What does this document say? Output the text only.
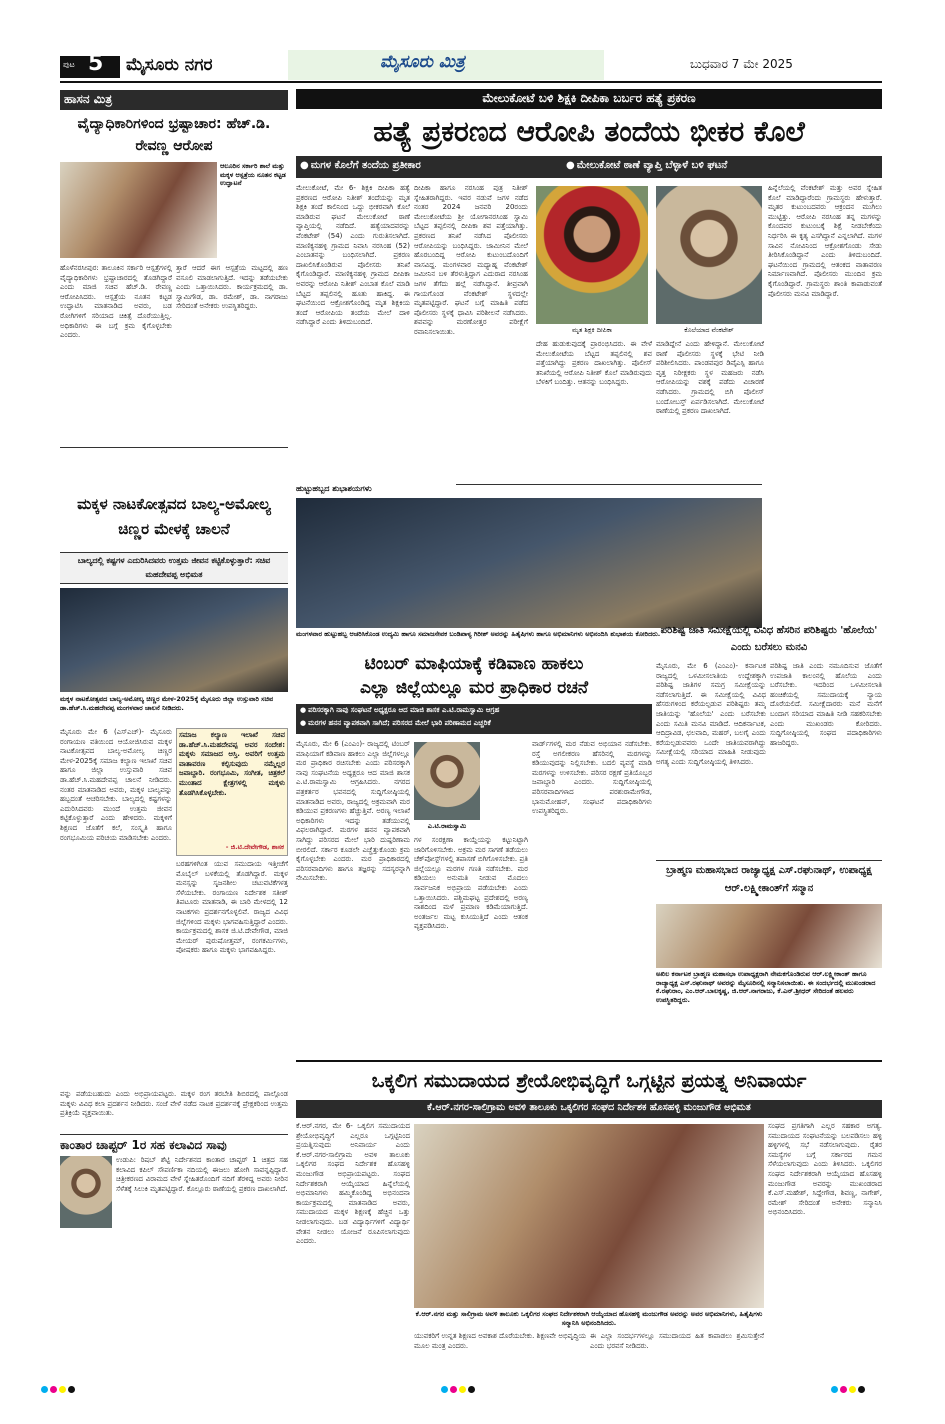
ಪುಟ 5 ಮೈಸೂರು ನಗರ	ಮೈಸೂರು ಮಿತ್ರ	ಬುಧವಾರ 7 ಮೇ 2025
ಹಾಸನ ಮಿತ್ರ
ವೈದ್ಯಾಧಿಕಾರಿಗಳಿಂದ ಭ್ರಷ್ಟಾಚಾರ: ಹೆಚ್.ಡಿ. ರೇವಣ್ಣ ಆರೋಪ
ಆಲೂರಿನ ಸರ್ಕಾರಿ ಶಾಲೆ ಮತ್ತು ಮಕ್ಕಳ ಆಸ್ಪತ್ರೆಯ ನೂತನ ಕಟ್ಟಡ ಉದ್ಘಾಟನೆ
ಹೊಳೆನರಸೀಪುರ: ತಾಲೂಕಿನ ಸರ್ಕಾರಿ ಆಸ್ಪತ್ರೆಗಳಲ್ಲಿ ವೈದ್ಯಾಧಿಕಾರಿಗಳು ಭ್ರಷ್ಟಾಚಾರದಲ್ಲಿ ತೊಡಗಿದ್ದಾರೆ ಎಂದು ಮಾಜಿ ಸಚಿವ ಹೆಚ್.ಡಿ. ರೇವಣ್ಣ ಆರೋಪಿಸಿದರು. ಆಸ್ಪತ್ರೆಯ ನೂತನ ಕಟ್ಟಡ ಉದ್ಘಾಟಿಸಿ ಮಾತನಾಡಿದ ಅವರು, ಬಡ ರೋಗಿಗಳಿಗೆ ಸರಿಯಾದ ಚಿಕಿತ್ಸೆ ದೊರೆಯುತ್ತಿಲ್ಲ. ಅಧಿಕಾರಿಗಳು ಈ ಬಗ್ಗೆ ಕ್ರಮ ಕೈಗೊಳ್ಳಬೇಕು ಎಂದರು.
ತ್ತಾರೆ ಆದರೆ ಈಗ ಆಸ್ಪತ್ರೆಯ ಮಟ್ಟದಲ್ಲಿ ಹಣ ವಸೂಲಿ ಮಾಡಲಾಗುತ್ತಿದೆ. ಇದನ್ನು ತಡೆಯಬೇಕು ಎಂದು ಒತ್ತಾಯಿಸಿದರು. ಕಾರ್ಯಕ್ರಮದಲ್ಲಿ ಡಾ. ಸ್ವಾಮಿಗೌಡ, ಡಾ. ರಮೇಶ್, ಡಾ. ನಾಗರಾಜು ಸೇರಿದಂತೆ ಅನೇಕರು ಉಪಸ್ಥಿತರಿದ್ದರು.
ಮಕ್ಕಳ ನಾಟಕೋತ್ಸವದ ಬಾಲ್ಯ-ಅಮೋಲ್ಯ ಚಿಣ್ಣರ ಮೇಳಕ್ಕೆ ಚಾಲನೆ
ಬಾಲ್ಯದಲ್ಲಿ ಕಷ್ಟಗಳ ಎದುರಿಸಿದವರು ಉತ್ತಮ ಜೀವನ ಕಟ್ಟಿಕೊಳ್ಳುತ್ತಾರೆ: ಸಚಿವ ಮಹದೇವಪ್ಪ ಅಭಿಮತ
ಮಕ್ಕಳ ನಾಟಕೋತ್ಸವದ ಬಾಲ್ಯ-ಅಮೋಲ್ಯ ಚಿಣ್ಣರ ಮೇಳ-2025ಕ್ಕೆ ಮೈಸೂರು ಜಿಲ್ಲಾ ಉಸ್ತುವಾರಿ ಸಚಿವ ಡಾ.ಹೆಚ್.ಸಿ.ಮಹದೇವಪ್ಪ ಮಂಗಳವಾರ ಚಾಲನೆ ನೀಡಿದರು.
ಮೈಸೂರು ಮೇ 6 (ಎಸ್‌ಎಚ್)- ಮೈಸೂರು ರಂಗಾಯಣ ವತಿಯಿಂದ ಆಯೋಜಿಸಿರುವ ಮಕ್ಕಳ ನಾಟಕೋತ್ಸವದ ಬಾಲ್ಯ-ಅಮೋಲ್ಯ ಚಿಣ್ಣರ ಮೇಳ-2025ಕ್ಕೆ ಸಮಾಜ ಕಲ್ಯಾಣ ಇಲಾಖೆ ಸಚಿವ ಹಾಗೂ ಜಿಲ್ಲಾ ಉಸ್ತುವಾರಿ ಸಚಿವ ಡಾ.ಹೆಚ್.ಸಿ.ಮಹದೇವಪ್ಪ ಚಾಲನೆ ನೀಡಿದರು. ನಂತರ ಮಾತನಾಡಿದ ಅವರು, ಮಕ್ಕಳ ಬಾಲ್ಯವನ್ನು ಹಬ್ಬದಂತೆ ಆಚರಿಸಬೇಕು. ಬಾಲ್ಯದಲ್ಲಿ ಕಷ್ಟಗಳನ್ನು ಎದುರಿಸಿದವರು ಮುಂದೆ ಉತ್ತಮ ಜೀವನ ಕಟ್ಟಿಕೊಳ್ಳುತ್ತಾರೆ ಎಂದು ಹೇಳಿದರು. ಮಕ್ಕಳಿಗೆ ಶಿಕ್ಷಣದ ಜೊತೆಗೆ ಕಲೆ, ಸಂಸ್ಕೃತಿ ಹಾಗೂ ರಂಗಭೂಮಿಯ ಪರಿಚಯ ಮಾಡಿಸಬೇಕು ಎಂದರು.
ಸಮಾಜ ಕಲ್ಯಾಣ ಇಲಾಖೆ ಸಚಿವ ಡಾ.ಹೆಚ್.ಸಿ.ಮಹದೇವಪ್ಪ ಅವರ ಸಂದೇಶ: ಮಕ್ಕಳು ಸಮಾಜದ ಆಸ್ತಿ. ಅವರಿಗೆ ಉತ್ತಮ ವಾತಾವರಣ ಕಲ್ಪಿಸುವುದು ನಮ್ಮೆಲ್ಲರ ಜವಾಬ್ದಾರಿ. ರಂಗಭೂಮಿ, ಸಂಗೀತ, ಚಿತ್ರಕಲೆ ಮುಂತಾದ ಕ್ಷೇತ್ರಗಳಲ್ಲಿ ಮಕ್ಕಳು ತೊಡಗಿಸಿಕೊಳ್ಳಬೇಕು.
- ಜಿ.ಟಿ.ದೇವೇಗೌಡ, ಶಾಸಕ
ಬರಹಗಳಿಗಿಂತ ಯುವ ಸಮುದಾಯ ಇತ್ತೀಚೆಗೆ ಮೊಬೈಲ್ ಬಳಕೆಯಲ್ಲಿ ತೊಡಗಿದ್ದಾರೆ. ಮಕ್ಕಳ ಮನಸ್ಸನ್ನು ಸೃಜನಶೀಲ ಚಟುವಟಿಕೆಗಳತ್ತ ಸೆಳೆಯಬೇಕು. ರಂಗಾಯಣ ನಿರ್ದೇಶಕ ಸತೀಶ್ ತಿಪಟೂರು ಮಾತನಾಡಿ, ಈ ಬಾರಿ ಮೇಳದಲ್ಲಿ 12 ನಾಟಕಗಳು ಪ್ರದರ್ಶನಗೊಳ್ಳಲಿವೆ. ರಾಜ್ಯದ ವಿವಿಧ ಜಿಲ್ಲೆಗಳಿಂದ ಮಕ್ಕಳು ಭಾಗವಹಿಸುತ್ತಿದ್ದಾರೆ ಎಂದರು. ಕಾರ್ಯಕ್ರಮದಲ್ಲಿ ಶಾಸಕ ಜಿ.ಟಿ.ದೇವೇಗೌಡ, ಮಾಜಿ ಮೇಯರ್ ಪುರುಷೋತ್ತಮ್, ರಂಗಕರ್ಮಿಗಳು, ಪೋಷಕರು ಹಾಗೂ ಮಕ್ಕಳು ಭಾಗವಹಿಸಿದ್ದರು.
ವನ್ನು ಪಡೆಯಬಹುದು ಎಂದು ಅಭಿಪ್ರಾಯಪಟ್ಟರು. ಮಕ್ಕಳ ರಂಗ ತರಬೇತಿ ಶಿಬಿರದಲ್ಲಿ ಪಾಲ್ಗೊಂಡ ಮಕ್ಕಳು ವಿವಿಧ ಕಲಾ ಪ್ರದರ್ಶನ ನೀಡಿದರು. ಸಂಜೆ ವೇಳೆ ನಡೆದ ನಾಟಕ ಪ್ರದರ್ಶನಕ್ಕೆ ಪ್ರೇಕ್ಷಕರಿಂದ ಉತ್ತಮ ಪ್ರತಿಕ್ರಿಯೆ ವ್ಯಕ್ತವಾಯಿತು.
ಕಾಂತಾರ ಚಾಪ್ಟರ್ 1ರ ಸಹ ಕಲಾವಿದ ಸಾವು
ಉಡುಪಿ: ರಿಷಬ್ ಶೆಟ್ಟಿ ನಿರ್ದೇಶನದ ಕಾಂತಾರ ಚಾಪ್ಟರ್ 1 ಚಿತ್ರದ ಸಹ ಕಲಾವಿದ ಕಪಿಲ್ ಸೌಪರ್ಣಿಕಾ ನದಿಯಲ್ಲಿ ಈಜಲು ಹೋಗಿ ಸಾವನ್ನಪ್ಪಿದ್ದಾರೆ. ಚಿತ್ರೀಕರಣದ ವಿರಾಮದ ವೇಳೆ ಸ್ನೇಹಿತರೊಂದಿಗೆ ನದಿಗೆ ತೆರಳಿದ್ದ ಅವರು ನೀರಿನ ಸೆಳೆತಕ್ಕೆ ಸಿಲುಕಿ ಮೃತಪಟ್ಟಿದ್ದಾರೆ. ಕೊಲ್ಲೂರು ಠಾಣೆಯಲ್ಲಿ ಪ್ರಕರಣ ದಾಖಲಾಗಿದೆ.
ಮೇಲುಕೋಟೆ ಬಳಿ ಶಿಕ್ಷಕಿ ದೀಪಿಕಾ ಬರ್ಬರ ಹತ್ಯೆ ಪ್ರಕರಣ
ಹತ್ಯೆ ಪ್ರಕರಣದ ಆರೋಪಿ ತಂದೆಯ ಭೀಕರ ಕೊಲೆ
● ಮಗಳ ಕೊಲೆಗೆ ತಂದೆಯ ಪ್ರತೀಕಾರ
●	ಮೇಲುಕೋಟೆ ಠಾಣೆ ವ್ಯಾಪ್ತಿ ಬೆಳ್ಳಾಳೆ ಬಳಿ ಘಟನೆ
ಮೇಲುಕೋಟೆ, ಮೇ 6- ಶಿಕ್ಷಕಿ ದೀಪಿಕಾ ಹತ್ಯೆ ಪ್ರಕರಣದ ಆರೋಪಿ ನಿತೀಶ್ ತಂದೆಯನ್ನು ಮೃತ ಶಿಕ್ಷಕಿ ತಂದೆ ಕಾಲಿನಿಂದ ಒದ್ದು ಭೀಕರವಾಗಿ ಕೊಲೆ ಮಾಡಿರುವ ಘಟನೆ ಮೇಲುಕೋಟೆ ಠಾಣೆ ವ್ಯಾಪ್ತಿಯಲ್ಲಿ ನಡೆದಿದೆ. ಹತ್ಯೆಯಾದವರನ್ನು ವೆಂಕಟೇಶ್ (54) ಎಂದು ಗುರುತಿಸಲಾಗಿದೆ. ಮಾಣಿಕ್ಯನಹಳ್ಳಿ ಗ್ರಾಮದ ನಿವಾಸಿ ನರಸಿಂಹ (52) ಎಂಬಾತನನ್ನು ಬಂಧಿಸಲಾಗಿದೆ. ಪ್ರಕರಣ ದಾಖಲಿಸಿಕೊಂಡಿರುವ ಪೊಲೀಸರು ತನಿಖೆ ಕೈಗೊಂಡಿದ್ದಾರೆ. ಮಾಣಿಕ್ಯನಹಳ್ಳಿ ಗ್ರಾಮದ ದೀಪಿಕಾ ಅವರನ್ನು ಆರೋಪಿ ನಿತೀಶ್ ಎಂಬಾತ ಕೊಲೆ ಮಾಡಿ ಬೆಟ್ಟದ ತಪ್ಪಲಿನಲ್ಲಿ ಹೂತು ಹಾಕಿದ್ದ. ಈ ಘಟನೆಯಿಂದ ಆಕ್ರೋಶಗೊಂಡಿದ್ದ ಮೃತ ಶಿಕ್ಷಕಿಯ ತಂದೆ ಆರೋಪಿಯ ತಂದೆಯ ಮೇಲೆ ದಾಳಿ ನಡೆಸಿದ್ದಾರೆ ಎಂದು ತಿಳಿದುಬಂದಿದೆ.
ದೀಪಿಕಾ ಹಾಗೂ ನರಸಿಂಹ ಪುತ್ರ ನಿತೀಶ್ ಸ್ನೇಹಿತರಾಗಿದ್ದರು. ಇವರ ನಡುವೆ ಜಗಳ ನಡೆದ ನಂತರ 2024 ಜನವರಿ 20ರಂದು ಮೇಲುಕೋಟೆಯ ಶ್ರೀ ಯೋಗಾನರಸಿಂಹ ಸ್ವಾಮಿ ಬೆಟ್ಟದ ತಪ್ಪಲಿನಲ್ಲಿ ದೀಪಿಕಾ ಶವ ಪತ್ತೆಯಾಗಿತ್ತು. ಪ್ರಕರಣದ ತನಿಖೆ ನಡೆಸಿದ ಪೊಲೀಸರು ಆರೋಪಿಯನ್ನು ಬಂಧಿಸಿದ್ದರು. ಜಾಮೀನಿನ ಮೇಲೆ ಹೊರಬಂದಿದ್ದ ಆರೋಪಿ ಕುಟುಂಬದೊಂದಿಗೆ ವಾಸವಿದ್ದ. ಮಂಗಳವಾರ ಮಧ್ಯಾಹ್ನ ವೆಂಕಟೇಶ್ ಜಮೀನಿನ ಬಳಿ ತೆರಳುತ್ತಿದ್ದಾಗ ಎದುರಾದ ನರಸಿಂಹ ಜಗಳ ತೆಗೆದು ಹಲ್ಲೆ ನಡೆಸಿದ್ದಾನೆ. ತೀವ್ರವಾಗಿ ಗಾಯಗೊಂಡ ವೆಂಕಟೇಶ್ ಸ್ಥಳದಲ್ಲೇ ಮೃತಪಟ್ಟಿದ್ದಾರೆ. ಘಟನೆ ಬಗ್ಗೆ ಮಾಹಿತಿ ಪಡೆದ ಪೊಲೀಸರು ಸ್ಥಳಕ್ಕೆ ಧಾವಿಸಿ ಪರಿಶೀಲನೆ ನಡೆಸಿದರು. ಶವವನ್ನು ಮರಣೋತ್ತರ ಪರೀಕ್ಷೆಗೆ ರವಾನಿಸಲಾಯಿತು.	ಮೃತ ಶಿಕ್ಷಕಿ ದೀಪಿಕಾ	ಕೊಲೆಯಾದ ವೆಂಕಟೇಶ್
ದೇಹ ಹುಡುಕುವುದಕ್ಕೆ ಪ್ರಾರಂಭಿಸಿದರು. ಈ ವೇಳೆ ಮೇಲುಕೋಟೆಯ ಬೆಟ್ಟದ ತಪ್ಪಲಿನಲ್ಲಿ ಶವ ಪತ್ತೆಯಾಗಿದ್ದು ಪ್ರಕರಣ ದಾಖಲಾಗಿತ್ತು. ಪೊಲೀಸ್ ತನಿಖೆಯಲ್ಲಿ ಆರೋಪಿ ನಿತೀಶ್ ಕೊಲೆ ಮಾಡಿರುವುದು ಬೆಳಕಿಗೆ ಬಂದಿತ್ತು. ಆತನನ್ನು ಬಂಧಿಸಿದ್ದರು.
ಮಾಡಿದ್ದೇನೆ ಎಂದು ಹೇಳಿದ್ದಾನೆ. ಮೇಲುಕೋಟೆ ಠಾಣೆ ಪೊಲೀಸರು ಸ್ಥಳಕ್ಕೆ ಭೇಟಿ ನೀಡಿ ಪರಿಶೀಲಿಸಿದರು. ಪಾಂಡವಪುರ ಡಿವೈಎಸ್ಪಿ ಹಾಗೂ ವೃತ್ತ ನಿರೀಕ್ಷಕರು ಸ್ಥಳ ಮಹಜರು ನಡೆಸಿ ಆರೋಪಿಯನ್ನು ವಶಕ್ಕೆ ಪಡೆದು ವಿಚಾರಣೆ ನಡೆಸಿದರು. ಗ್ರಾಮದಲ್ಲಿ ಬಿಗಿ ಪೊಲೀಸ್ ಬಂದೋಬಸ್ತ್ ಏರ್ಪಡಿಸಲಾಗಿದೆ. ಮೇಲುಕೋಟೆ ಠಾಣೆಯಲ್ಲಿ ಪ್ರಕರಣ ದಾಖಲಾಗಿದೆ.
ಹಿನ್ನೆಲೆಯಲ್ಲಿ ವೆಂಕಟೇಶ್ ಮತ್ತು ಅವರ ಸ್ನೇಹಿತ ಕೊಲೆ ಮಾಡಿದ್ದಾರೆಂದು ಗ್ರಾಮಸ್ಥರು ಹೇಳುತ್ತಾರೆ. ಮೃತರ ಕುಟುಂಬದವರು ಆಕ್ರಂದನ ಮುಗಿಲು ಮುಟ್ಟಿತ್ತು. ಆರೋಪಿ ನರಸಿಂಹ ತನ್ನ ಮಗಳನ್ನು ಕೊಂದವರ ಕುಟುಂಬಕ್ಕೆ ಶಿಕ್ಷೆ ನೀಡಬೇಕೆಂದು ನಿರ್ಧರಿಸಿ ಈ ಕೃತ್ಯ ಎಸಗಿದ್ದಾನೆ ಎನ್ನಲಾಗಿದೆ. ಮಗಳ ಸಾವಿನ ನೋವಿನಿಂದ ಆಕ್ರೋಶಗೊಂಡು ಸೇಡು ತೀರಿಸಿಕೊಂಡಿದ್ದಾನೆ ಎಂದು ತಿಳಿದುಬಂದಿದೆ. ಘಟನೆಯಿಂದ ಗ್ರಾಮದಲ್ಲಿ ಆತಂಕದ ವಾತಾವರಣ ನಿರ್ಮಾಣವಾಗಿದೆ. ಪೊಲೀಸರು ಮುಂದಿನ ಕ್ರಮ ಕೈಗೊಂಡಿದ್ದಾರೆ. ಗ್ರಾಮಸ್ಥರು ಶಾಂತಿ ಕಾಪಾಡುವಂತೆ ಪೊಲೀಸರು ಮನವಿ ಮಾಡಿದ್ದಾರೆ.
ಹುಟ್ಟುಹಬ್ಬದ ಶುಭಾಶಯಗಳು
ಮಂಗಳವಾರ ಹುಟ್ಟುಹಬ್ಬ ಆಚರಿಸಿಕೊಂಡ ಉದ್ಯಮಿ ಹಾಗೂ ಸಮಾಜಸೇವಕ ಬಂಡಿಪಾಳ್ಯ ಗಿರೀಶ್ ಅವರನ್ನು ಹಿತೈಷಿಗಳು ಹಾಗೂ ಅಭಿಮಾನಿಗಳು ಅಭಿನಂದಿಸಿ ಶುಭಾಶಯ ಕೋರಿದರು. ಪರಿಶಿಷ್ಟ ಜಾತಿ ಸಮೀಕ್ಷೆಯಲ್ಲಿ ವಿವಿಧ ಹೆಸರಿನ ಪರಿಶಿಷ್ಟರು 'ಹೊಲೆಯ' ಎಂದು ಬರೆಸಲು ಮನವಿ
ಮೈಸೂರು, ಮೇ 6 (ಎಂಎಂ)- ಕರ್ನಾಟಕ ರಾಜ್ಯದಲ್ಲಿ ಒಳಮೀಸಲಾತಿಯ ಉದ್ದೇಶಕ್ಕಾಗಿ ಪರಿಶಿಷ್ಟ ಜಾತಿಗಳ ಸಮಗ್ರ ಸಮೀಕ್ಷೆಯನ್ನು ನಡೆಸಲಾಗುತ್ತಿದೆ. ಈ ಸಮೀಕ್ಷೆಯಲ್ಲಿ ವಿವಿಧ ಹೆಸರುಗಳಿಂದ ಕರೆಯಲ್ಪಡುವ ಪರಿಶಿಷ್ಟರು ತಮ್ಮ ಜಾತಿಯನ್ನು 'ಹೊಲೆಯ' ಎಂದು ಬರೆಸಬೇಕು ಎಂದು ಸಮಿತಿ ಮನವಿ ಮಾಡಿದೆ. ಆದಿಕರ್ನಾಟಕ, ಆದಿದ್ರಾವಿಡ, ಛಲವಾದಿ, ಮಹರ್, ಬಲಗೈ ಎಂದು ಕರೆಯಲ್ಪಡುವವರು ಒಂದೇ ಜಾತಿಯವರಾಗಿದ್ದು ಸಮೀಕ್ಷೆಯಲ್ಲಿ ಸರಿಯಾದ ಮಾಹಿತಿ ನೀಡುವುದು ಅಗತ್ಯ ಎಂದು ಸುದ್ದಿಗೋಷ್ಠಿಯಲ್ಲಿ ತಿಳಿಸಿದರು.
ಪರಿಶಿಷ್ಟ ಜಾತಿ ಎಂದು ನಮೂದಿಸುವ ಜೊತೆಗೆ ಉಪಜಾತಿ ಕಾಲಂನಲ್ಲಿ ಹೊಲೆಯ ಎಂದು ಬರೆಸಬೇಕು. ಇದರಿಂದ ಒಳಮೀಸಲಾತಿ ಹಂಚಿಕೆಯಲ್ಲಿ ಸಮುದಾಯಕ್ಕೆ ನ್ಯಾಯ ದೊರೆಯಲಿದೆ. ಸಮೀಕ್ಷೆದಾರರು ಮನೆ ಮನೆಗೆ ಬಂದಾಗ ಸರಿಯಾದ ಮಾಹಿತಿ ನೀಡಿ ಸಹಕರಿಸಬೇಕು ಎಂದು ಮುಖಂಡರು ಕೋರಿದರು. ಸುದ್ದಿಗೋಷ್ಠಿಯಲ್ಲಿ ಸಂಘದ ಪದಾಧಿಕಾರಿಗಳು ಹಾಜರಿದ್ದರು.
ಬ್ರಾಹ್ಮಣ ಮಹಾಸಭಾದ ರಾಜ್ಯಾಧ್ಯಕ್ಷ ಎಸ್.ರಘುನಾಥ್, ಉಪಾಧ್ಯಕ್ಷ ಆರ್.ಲಕ್ಷ್ಮೀಕಾಂತ್‌ಗೆ ಸನ್ಮಾನ
ಅಖಿಲ ಕರ್ನಾಟಕ ಬ್ರಾಹ್ಮಣ ಮಹಾಸಭಾ ಉಪಾಧ್ಯಕ್ಷರಾಗಿ ನೇಮಕಗೊಂಡಿರುವ ಆರ್.ಲಕ್ಷ್ಮೀಕಾಂತ್ ಹಾಗೂ ರಾಜ್ಯಾಧ್ಯಕ್ಷ ಎಸ್.ರಘುನಾಥ್ ಅವರನ್ನು ಮೈಸೂರಿನಲ್ಲಿ ಸನ್ಮಾನಿಸಲಾಯಿತು. ಈ ಸಂದರ್ಭದಲ್ಲಿ ಮುಖಂಡರಾದ ಕೆ.ರಘುರಾಂ, ಎಂ.ಆರ್.ಬಾಲಕೃಷ್ಣ, ಜಿ.ಆರ್.ನಾಗರಾಜು, ಕೆ.ಎನ್.ಶ್ರೀಧರ್ ಸೇರಿದಂತೆ ಹಲವರು ಉಪಸ್ಥಿತರಿದ್ದರು.
ಟಿಂಬರ್ ಮಾಫಿಯಾಕ್ಕೆ ಕಡಿವಾಣ ಹಾಕಲು
ಎಲ್ಲಾ ಜಿಲ್ಲೆಯಲ್ಲೂ ಮರ ಪ್ರಾಧಿಕಾರ ರಚನೆ
● ಪರಿಸರಕ್ಕಾಗಿ ನಾವು ಸಂಘಟನೆ ಅಧ್ಯಕ್ಷರೂ ಆದ ಮಾಜಿ ಶಾಸಕ ಎ.ಟಿ.ರಾಮಸ್ವಾಮಿ ಆಗ್ರಹ
● ಮರಗಳ ಹನನ ವ್ಯಾಪಕವಾಗಿ ಸಾಗಿದೆ; ಪರಿಸರದ ಮೇಲೆ ಭಾರಿ ಪರಿಣಾಮದ ಎಚ್ಚರಿಕೆ
ಮೈಸೂರು, ಮೇ 6 (ಎಂಎಂ)- ರಾಜ್ಯದಲ್ಲಿ ಟಿಂಬರ್ ಮಾಫಿಯಾಗೆ ಕಡಿವಾಣ ಹಾಕಲು ಎಲ್ಲಾ ಜಿಲ್ಲೆಗಳಲ್ಲೂ ಮರ ಪ್ರಾಧಿಕಾರ ರಚಿಸಬೇಕು ಎಂದು ಪರಿಸರಕ್ಕಾಗಿ ನಾವು ಸಂಘಟನೆಯ ಅಧ್ಯಕ್ಷರೂ ಆದ ಮಾಜಿ ಶಾಸಕ ಎ.ಟಿ.ರಾಮಸ್ವಾಮಿ ಆಗ್ರಹಿಸಿದರು. ನಗರದ ಪತ್ರಕರ್ತರ ಭವನದಲ್ಲಿ ಸುದ್ದಿಗೋಷ್ಠಿಯಲ್ಲಿ ಮಾತನಾಡಿದ ಅವರು, ರಾಜ್ಯದಲ್ಲಿ ಅಕ್ರಮವಾಗಿ ಮರ ಕಡಿಯುವ ಪ್ರಕರಣಗಳು ಹೆಚ್ಚುತ್ತಿವೆ. ಅರಣ್ಯ ಇಲಾಖೆ ಅಧಿಕಾರಿಗಳು ಇದನ್ನು ತಡೆಯುವಲ್ಲಿ ವಿಫಲರಾಗಿದ್ದಾರೆ. ಮರಗಳ ಹನನ ವ್ಯಾಪಕವಾಗಿ ಸಾಗಿದ್ದು ಪರಿಸರದ ಮೇಲೆ ಭಾರಿ ದುಷ್ಪರಿಣಾಮ ಬೀರಲಿದೆ. ಸರ್ಕಾರ ಕೂಡಲೇ ಎಚ್ಚೆತ್ತುಕೊಂಡು ಕ್ರಮ ಕೈಗೊಳ್ಳಬೇಕು ಎಂದರು. ಮರ ಪ್ರಾಧಿಕಾರದಲ್ಲಿ ಪರಿಸರವಾದಿಗಳು ಹಾಗೂ ತಜ್ಞರನ್ನು ಸದಸ್ಯರನ್ನಾಗಿ ನೇಮಿಸಬೇಕು.
ಎ.ಟಿ.ರಾಮಸ್ವಾಮಿ
ಗಳ ಸಂರಕ್ಷಣಾ ಕಾಯ್ದೆಯನ್ನು ಕಟ್ಟುನಿಟ್ಟಾಗಿ ಜಾರಿಗೊಳಿಸಬೇಕು. ಅಕ್ರಮ ಮರ ಸಾಗಣೆ ತಡೆಯಲು ಚೆಕ್‌ಪೋಸ್ಟ್‌ಗಳಲ್ಲಿ ತಪಾಸಣೆ ಬಿಗಿಗೊಳಿಸಬೇಕು. ಪ್ರತಿ ಜಿಲ್ಲೆಯಲ್ಲೂ ಮರಗಳ ಗಣತಿ ನಡೆಸಬೇಕು. ಮರ ಕಡಿಯಲು ಅನುಮತಿ ನೀಡುವ ಮೊದಲು ಸಾರ್ವಜನಿಕ ಅಭಿಪ್ರಾಯ ಪಡೆಯಬೇಕು ಎಂದು ಒತ್ತಾಯಿಸಿದರು. ಪಶ್ಚಿಮಘಟ್ಟ ಪ್ರದೇಶದಲ್ಲಿ ಅರಣ್ಯ ನಾಶದಿಂದ ಮಳೆ ಪ್ರಮಾಣ ಕಡಿಮೆಯಾಗುತ್ತಿದೆ. ಅಂತರ್ಜಲ ಮಟ್ಟ ಕುಸಿಯುತ್ತಿದೆ ಎಂದು ಆತಂಕ ವ್ಯಕ್ತಪಡಿಸಿದರು.
ವಾರ್ಡ್‌ಗಳಲ್ಲಿ ಮರ ನೆಡುವ ಅಭಿಯಾನ ನಡೆಸಬೇಕು. ರಸ್ತೆ ಅಗಲೀಕರಣ ಹೆಸರಿನಲ್ಲಿ ಮರಗಳನ್ನು ಕಡಿಯುವುದನ್ನು ನಿಲ್ಲಿಸಬೇಕು. ಬದಲಿ ವ್ಯವಸ್ಥೆ ಮಾಡಿ ಮರಗಳನ್ನು ಉಳಿಸಬೇಕು. ಪರಿಸರ ರಕ್ಷಣೆ ಪ್ರತಿಯೊಬ್ಬರ ಜವಾಬ್ದಾರಿ ಎಂದರು. ಸುದ್ದಿಗೋಷ್ಠಿಯಲ್ಲಿ ಪರಿಸರವಾದಿಗಳಾದ ಪರಶುರಾಮೇಗೌಡ, ಭಾನುಮೋಹನ್, ಸಂಘಟನೆ ಪದಾಧಿಕಾರಿಗಳು ಉಪಸ್ಥಿತರಿದ್ದರು.
ಒಕ್ಕಲಿಗ ಸಮುದಾಯದ ಶ್ರೇಯೋಭಿವೃದ್ಧಿಗೆ ಒಗ್ಗಟ್ಟಿನ ಪ್ರಯತ್ನ ಅನಿವಾರ್ಯ
ಕೆ.ಆರ್.ನಗರ-ಸಾಲಿಗ್ರಾಮ ಅವಳಿ ತಾಲೂಕು ಒಕ್ಕಲಿಗರ ಸಂಘದ ನಿರ್ದೇಶಕ ಹೊಸಹಳ್ಳಿ ಮಂಜುಗೌಡ ಅಭಿಮತ
ಕೆ.ಆರ್.ನಗರ, ಮೇ 6- ಒಕ್ಕಲಿಗ ಸಮುದಾಯದ ಶ್ರೇಯೋಭಿವೃದ್ಧಿಗೆ ಎಲ್ಲರೂ ಒಗ್ಗಟ್ಟಿನಿಂದ ಪ್ರಯತ್ನಿಸುವುದು ಅನಿವಾರ್ಯ ಎಂದು ಕೆ.ಆರ್.ನಗರ-ಸಾಲಿಗ್ರಾಮ ಅವಳಿ ತಾಲೂಕು ಒಕ್ಕಲಿಗರ ಸಂಘದ ನಿರ್ದೇಶಕ ಹೊಸಹಳ್ಳಿ ಮಂಜುಗೌಡ ಅಭಿಪ್ರಾಯಪಟ್ಟರು. ಸಂಘದ ನಿರ್ದೇಶಕರಾಗಿ ಆಯ್ಕೆಯಾದ ಹಿನ್ನೆಲೆಯಲ್ಲಿ ಅಭಿಮಾನಿಗಳು ಹಮ್ಮಿಕೊಂಡಿದ್ದ ಅಭಿನಂದನಾ ಕಾರ್ಯಕ್ರಮದಲ್ಲಿ ಮಾತನಾಡಿದ ಅವರು, ಸಮುದಾಯದ ಮಕ್ಕಳ ಶಿಕ್ಷಣಕ್ಕೆ ಹೆಚ್ಚಿನ ಒತ್ತು ನೀಡಲಾಗುವುದು. ಬಡ ವಿದ್ಯಾರ್ಥಿಗಳಿಗೆ ವಿದ್ಯಾರ್ಥಿ ವೇತನ ನೀಡಲು ಯೋಜನೆ ರೂಪಿಸಲಾಗುವುದು ಎಂದರು.
ಕೆ.ಆರ್.ನಗರ ಮತ್ತು ಸಾಲಿಗ್ರಾಮ ಅವಳಿ ತಾಲೂಕು ಒಕ್ಕಲಿಗರ ಸಂಘದ ನಿರ್ದೇಶಕರಾಗಿ ಆಯ್ಕೆಯಾದ ಹೊಸಹಳ್ಳಿ ಮಂಜುಗೌಡ ಅವರನ್ನು ಅವರ ಅಭಿಮಾನಿಗಳು, ಹಿತೈಷಿಗಳು ಸನ್ಮಾನಿಸಿ ಅಭಿನಂದಿಸಿದರು.
ಸಂಘದ ಪ್ರಗತಿಗಾಗಿ ಎಲ್ಲರ ಸಹಕಾರ ಅಗತ್ಯ. ಸಮುದಾಯದ ಸಂಘಟನೆಯನ್ನು ಬಲಪಡಿಸಲು ಹಳ್ಳಿ ಹಳ್ಳಿಗಳಲ್ಲಿ ಸಭೆ ನಡೆಸಲಾಗುವುದು. ರೈತರ ಸಮಸ್ಯೆಗಳ ಬಗ್ಗೆ ಸರ್ಕಾರದ ಗಮನ ಸೆಳೆಯಲಾಗುವುದು ಎಂದು ತಿಳಿಸಿದರು. ಒಕ್ಕಲಿಗರ ಸಂಘದ ನಿರ್ದೇಶಕರಾಗಿ ಆಯ್ಕೆಯಾದ ಹೊಸಹಳ್ಳಿ ಮಂಜುಗೌಡ ಅವರನ್ನು ಮುಖಂಡರಾದ ಕೆ.ಎಸ್.ಮಹೇಶ್, ಸಿದ್ದೇಗೌಡ, ಶಿವಣ್ಣ, ನಾಗೇಶ್, ರಮೇಶ್ ಸೇರಿದಂತೆ ಅನೇಕರು ಸನ್ಮಾನಿಸಿ ಅಭಿನಂದಿಸಿದರು.
ಯುವಕರಿಗೆ ಉನ್ನತ ಶಿಕ್ಷಣದ ಅವಕಾಶ ದೊರೆಯಬೇಕು. ಶಿಕ್ಷಣವೇ ಅಭಿವೃದ್ಧಿಯ ಮೂಲ ಮಂತ್ರ ಎಂದರು.
ಈ ಎಲ್ಲಾ ಸಂದರ್ಭಗಳಲ್ಲೂ ಸಮುದಾಯದ ಹಿತ ಕಾಪಾಡಲು ಶ್ರಮಿಸುತ್ತೇನೆ ಎಂದು ಭರವಸೆ ನೀಡಿದರು.
